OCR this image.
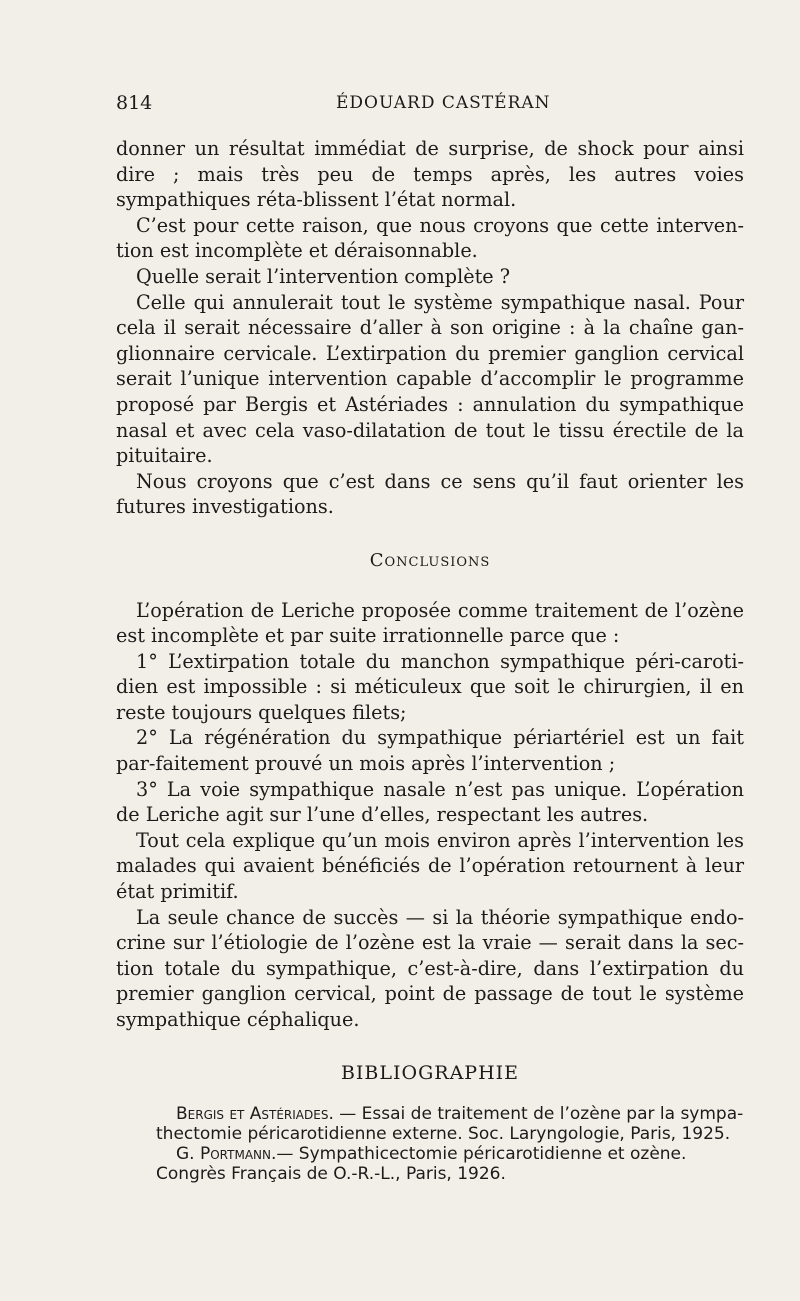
814	ÉDOUARD CASTÉRAN

donner un résultat immédiat de surprise, de shock pour ainsi dire ; mais très peu de temps après, les autres voies sympathiques réta-blissent l’état normal.

C’est pour cette raison, que nous croyons que cette interven-tion est incomplète et déraisonnable.

Quelle serait l’intervention complète ?

Celle qui annulerait tout le système sympathique nasal. Pour cela il serait nécessaire d’aller à son origine : à la chaîne gan-glionnaire cervicale. L’extirpation du premier ganglion cervical serait l’unique intervention capable d’accomplir le programme proposé par Bergis et Astériades : annulation du sympathique nasal et avec cela vaso-dilatation de tout le tissu érectile de la pituitaire.

Nous croyons que c’est dans ce sens qu’il faut orienter les futures investigations.

Conclusions

L’opération de Leriche proposée comme traitement de l’ozène est incomplète et par suite irrationnelle parce que :

1° L’extirpation totale du manchon sympathique péri-caroti-dien est impossible : si méticuleux que soit le chirurgien, il en reste toujours quelques filets;

2° La régénération du sympathique périartériel est un fait par-faitement prouvé un mois après l’intervention ;

3° La voie sympathique nasale n’est pas unique. L’opération de Leriche agit sur l’une d’elles, respectant les autres.

Tout cela explique qu’un mois environ après l’intervention les malades qui avaient bénéficiés de l’opération retournent à leur état primitif.

La seule chance de succès — si la théorie sympathique endo-crine sur l’étiologie de l’ozène est la vraie — serait dans la sec-tion totale du sympathique, c’est-à-dire, dans l’extirpation du premier ganglion cervical, point de passage de tout le système sympathique céphalique.

BIBLIOGRAPHIE

Bergis et Astériades. — Essai de traitement de l’ozène par la sympa-thectomie péricarotidienne externe. Soc. Laryngologie, Paris, 1925.

G. Portmann.— Sympathicectomie péricarotidienne et ozène. Congrès Français de O.-R.-L., Paris, 1926.
